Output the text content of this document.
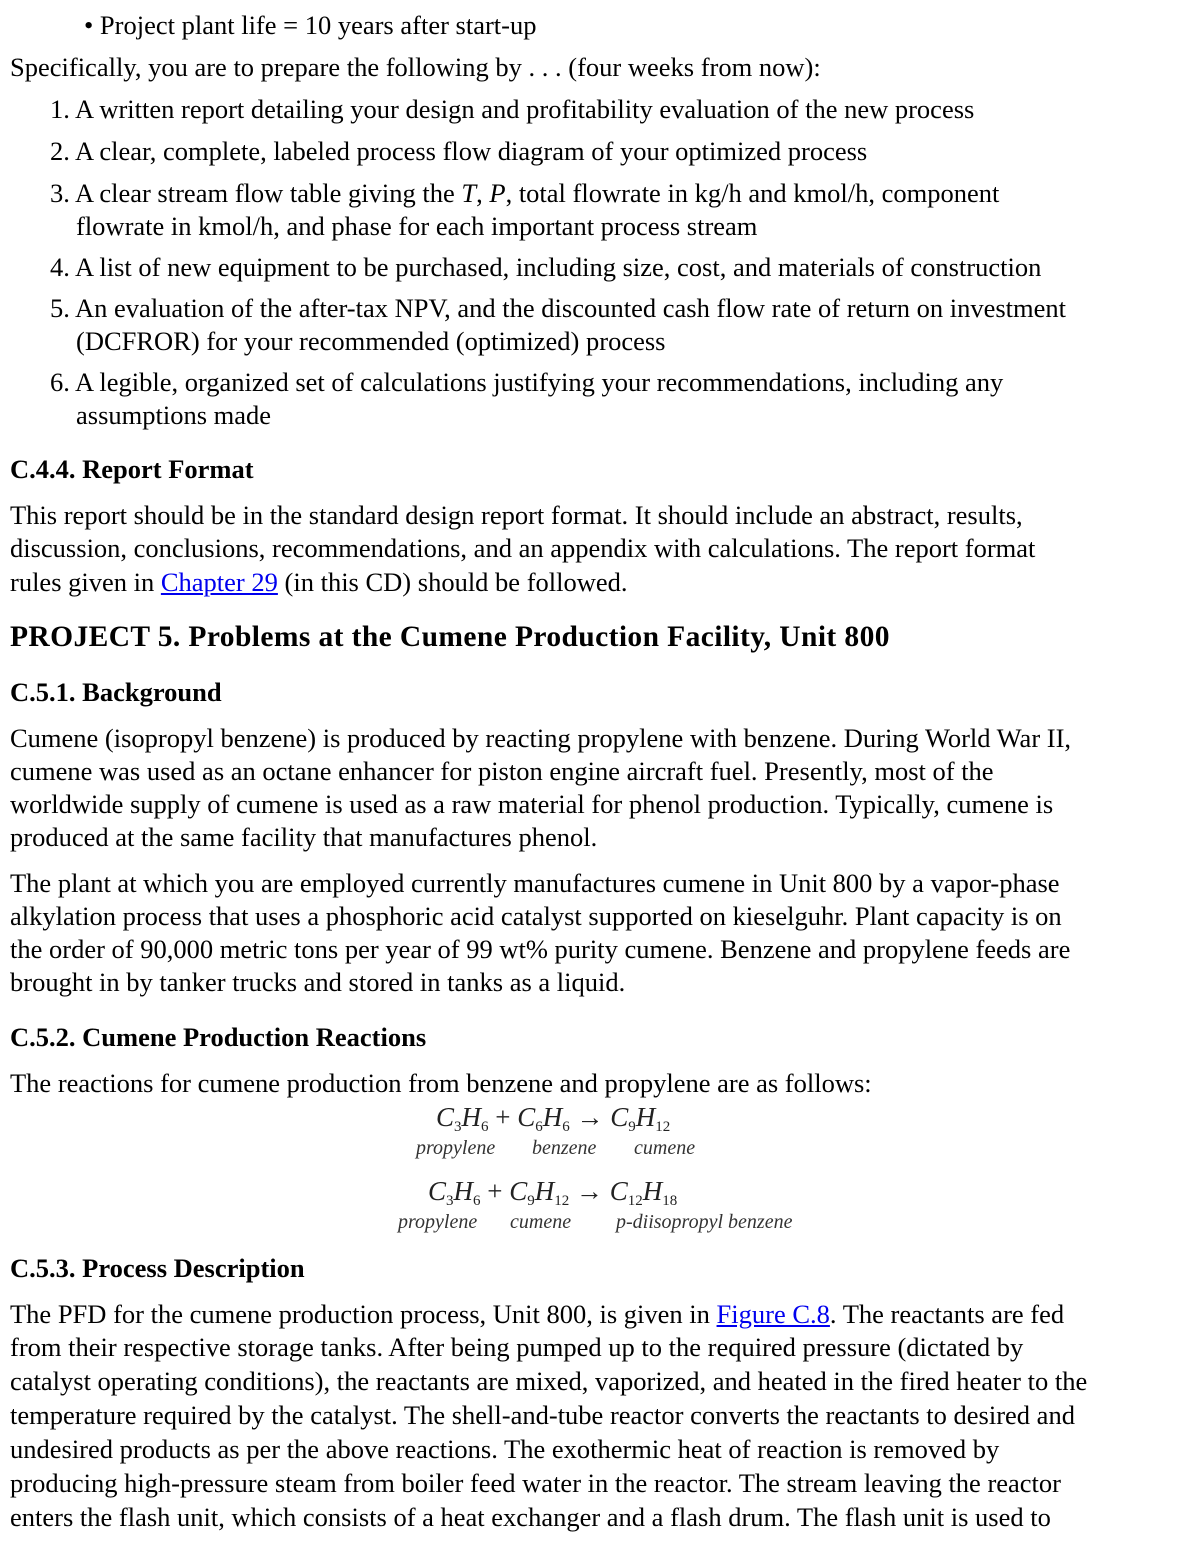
• Project plant life = 10 years after start-up
Specifically, you are to prepare the following by . . . (four weeks from now):
1. A written report detailing your design and profitability evaluation of the new process
2. A clear, complete, labeled process flow diagram of your optimized process
3. A clear stream flow table giving the T, P, total flowrate in kg/h and kmol/h, component
flowrate in kmol/h, and phase for each important process stream
4. A list of new equipment to be purchased, including size, cost, and materials of construction
5. An evaluation of the after-tax NPV, and the discounted cash flow rate of return on investment
(DCFROR) for your recommended (optimized) process
6. A legible, organized set of calculations justifying your recommendations, including any
assumptions made
C.4.4. Report Format
This report should be in the standard design report format. It should include an abstract, results,
discussion, conclusions, recommendations, and an appendix with calculations. The report format
rules given in Chapter 29 (in this CD) should be followed.
PROJECT 5. Problems at the Cumene Production Facility, Unit 800
C.5.1. Background
Cumene (isopropyl benzene) is produced by reacting propylene with benzene. During World War II,
cumene was used as an octane enhancer for piston engine aircraft fuel. Presently, most of the
worldwide supply of cumene is used as a raw material for phenol production. Typically, cumene is
produced at the same facility that manufactures phenol.
The plant at which you are employed currently manufactures cumene in Unit 800 by a vapor-phase
alkylation process that uses a phosphoric acid catalyst supported on kieselguhr. Plant capacity is on
the order of 90,000 metric tons per year of 99 wt% purity cumene. Benzene and propylene feeds are
brought in by tanker trucks and stored in tanks as a liquid.
C.5.2. Cumene Production Reactions
The reactions for cumene production from benzene and propylene are as follows:
$C_3H_6 + C_6H_6 \to C_9H_{12}$
propylene benzene cumene
$C_3H_6 + C_9H_{12} \to C_{12}H_{18}$
propylene cumene p-diisopropyl benzene
C.5.3. Process Description
The PFD for the cumene production process, Unit 800, is given in Figure C.8. The reactants are fed
from their respective storage tanks. After being pumped up to the required pressure (dictated by
catalyst operating conditions), the reactants are mixed, vaporized, and heated in the fired heater to the
temperature required by the catalyst. The shell-and-tube reactor converts the reactants to desired and
undesired products as per the above reactions. The exothermic heat of reaction is removed by
producing high-pressure steam from boiler feed water in the reactor. The stream leaving the reactor
enters the flash unit, which consists of a heat exchanger and a flash drum. The flash unit is used to
